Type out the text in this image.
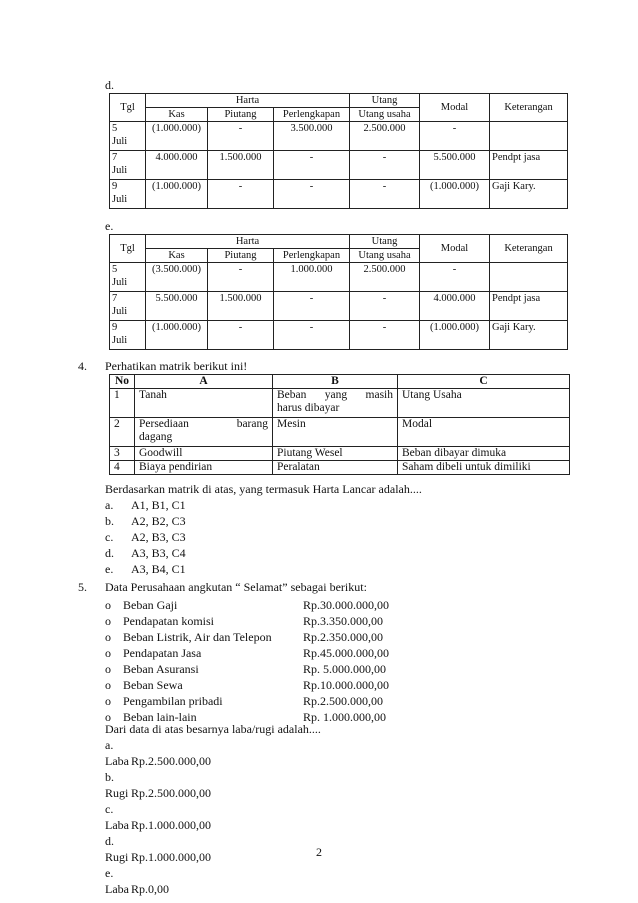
d.
Tgl	Harta			Utang	Modal	Keterangan
	Kas	Piutang	Perlengkapan	Utang usaha		

5
Juli	(1.000.000)	-	3.500.000	2.500.000	-	

7
Juli	4.000.000	1.500.000	-	-	5.500.000	Pendpt jasa

9
Juli	(1.000.000)	-	-	-	(1.000.000)	Gaji Kary.
e.
Tgl	Harta			Utang	Modal	Keterangan
	Kas	Piutang	Perlengkapan	Utang usaha		

5
Juli	(3.500.000)	-	1.000.000	2.500.000	-	

7
Juli	5.500.000	1.500.000	-	-	4.000.000	Pendpt jasa

9
Juli	(1.000.000)	-	-	-	(1.000.000)	Gaji Kary.
4. Perhatikan matrik berikut ini!
No	A	B	C
1	Tanah	Beban yang masih
harus dibayar	Utang Usaha
2	Persediaan barang
dagang	Mesin	Modal
3	Goodwill	Piutang Wesel	Beban dibayar dimuka
4	Biaya pendirian	Peralatan	Saham dibeli untuk dimiliki
Berdasarkan matrik di atas, yang termasuk Harta Lancar adalah....
a. A1, B1, C1
b. A2, B2, C3
c. A2, B3, C3
d. A3, B3, C4
e. A3, B4, C1
5. Data Perusahaan angkutan “ Selamat” sebagai berikut:
o Beban Gaji	Rp.30.000.000,00
o Pendapatan komisi	Rp.3.350.000,00
o Beban Listrik, Air dan Telepon	Rp.2.350.000,00
o Pendapatan Jasa	Rp.45.000.000,00
o Beban Asuransi	Rp. 5.000.000,00
o Beban Sewa	Rp.10.000.000,00
o Pengambilan pribadi	Rp.2.500.000,00
o Beban lain-lain	Rp. 1.000.000,00
Dari data di atas besarnya laba/rugi adalah....
a. Laba Rp.2.500.000,00
b. Rugi Rp.2.500.000,00
c. Laba Rp.1.000.000,00
d. Rugi Rp.1.000.000,00
e. Laba Rp.0,00
2
